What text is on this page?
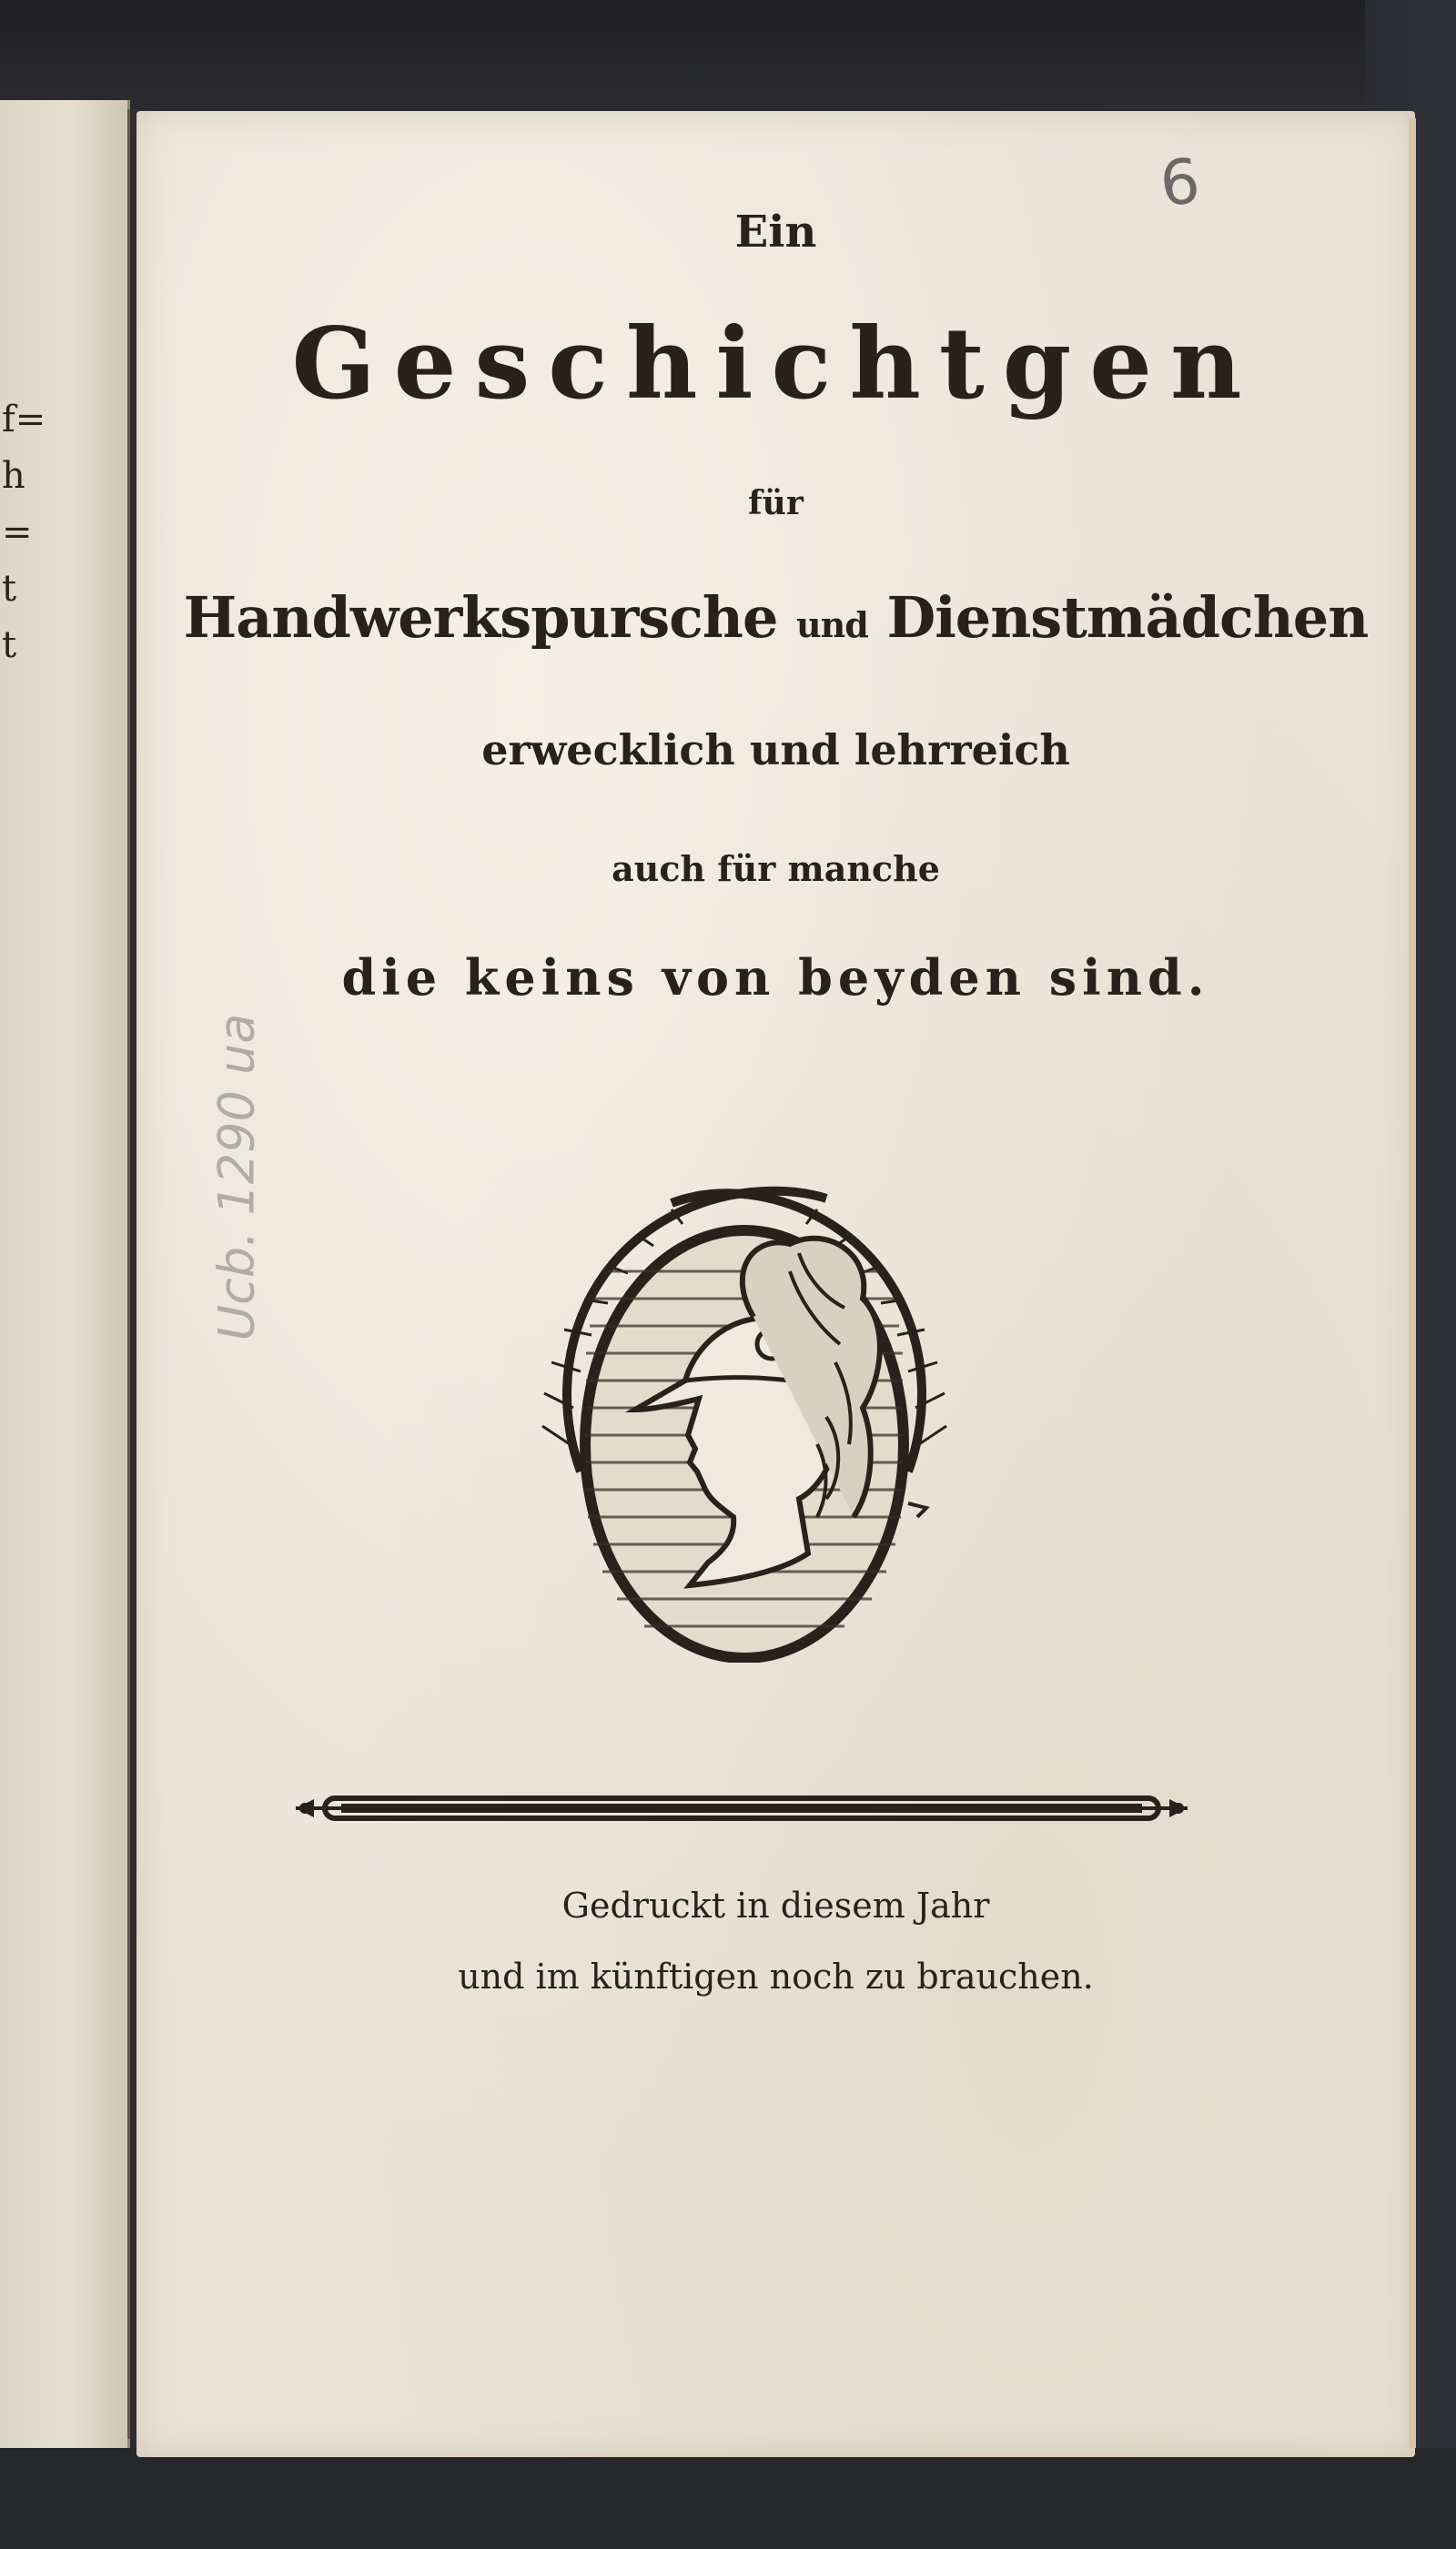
f=
h
=
t
t
6
Ucb. 1290 ua
Ein
Geschichtgen
für
Handwerkspursche und Dienstmädchen
erwecklich und lehrreich
auch für manche
die keins von beyden sind.
Gedruckt in diesem Jahr
und im künftigen noch zu brauchen.
